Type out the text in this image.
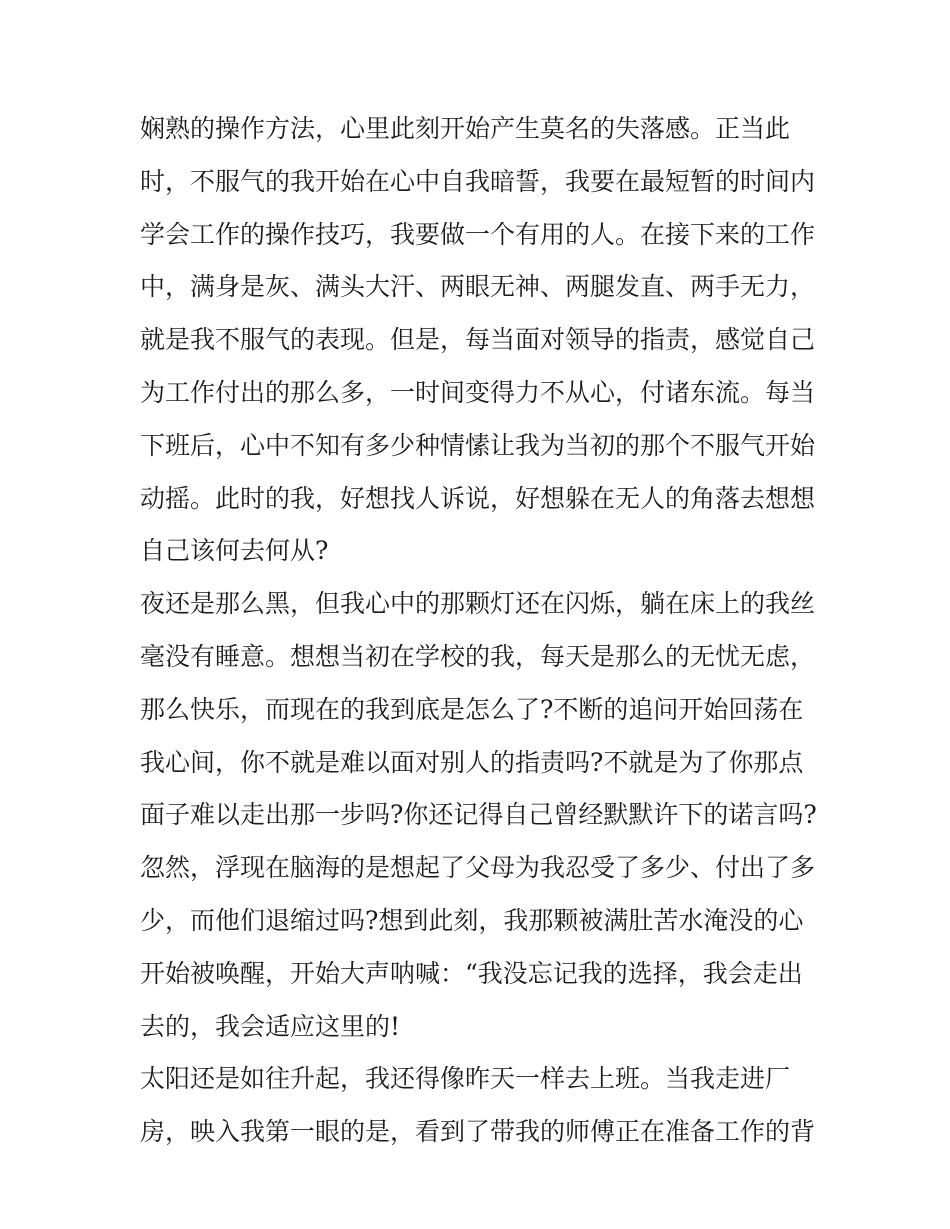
娴熟的操作方法，心里此刻开始产生莫名的失落感。正当此
时，不服气的我开始在心中自我暗誓，我要在最短暂的时间内
学会工作的操作技巧，我要做一个有用的人。在接下来的工作
中，满身是灰、满头大汗、两眼无神、两腿发直、两手无力，
就是我不服气的表现。但是，每当面对领导的指责，感觉自己
为工作付出的那么多，一时间变得力不从心，付诸东流。每当
下班后，心中不知有多少种情愫让我为当初的那个不服气开始
动摇。此时的我，好想找人诉说，好想躲在无人的角落去想想
自己该何去何从?
夜还是那么黑，但我心中的那颗灯还在闪烁，躺在床上的我丝
毫没有睡意。想想当初在学校的我，每天是那么的无忧无虑，
那么快乐，而现在的我到底是怎么了?不断的追问开始回荡在
我心间，你不就是难以面对别人的指责吗?不就是为了你那点
面子难以走出那一步吗?你还记得自己曾经默默许下的诺言吗?
忽然，浮现在脑海的是想起了父母为我忍受了多少、付出了多
少，而他们退缩过吗?想到此刻，我那颗被满肚苦水淹没的心
开始被唤醒，开始大声呐喊：“我没忘记我的选择，我会走出
去的，我会适应这里的!
太阳还是如往升起，我还得像昨天一样去上班。当我走进厂
房，映入我第一眼的是，看到了带我的师傅正在准备工作的背
